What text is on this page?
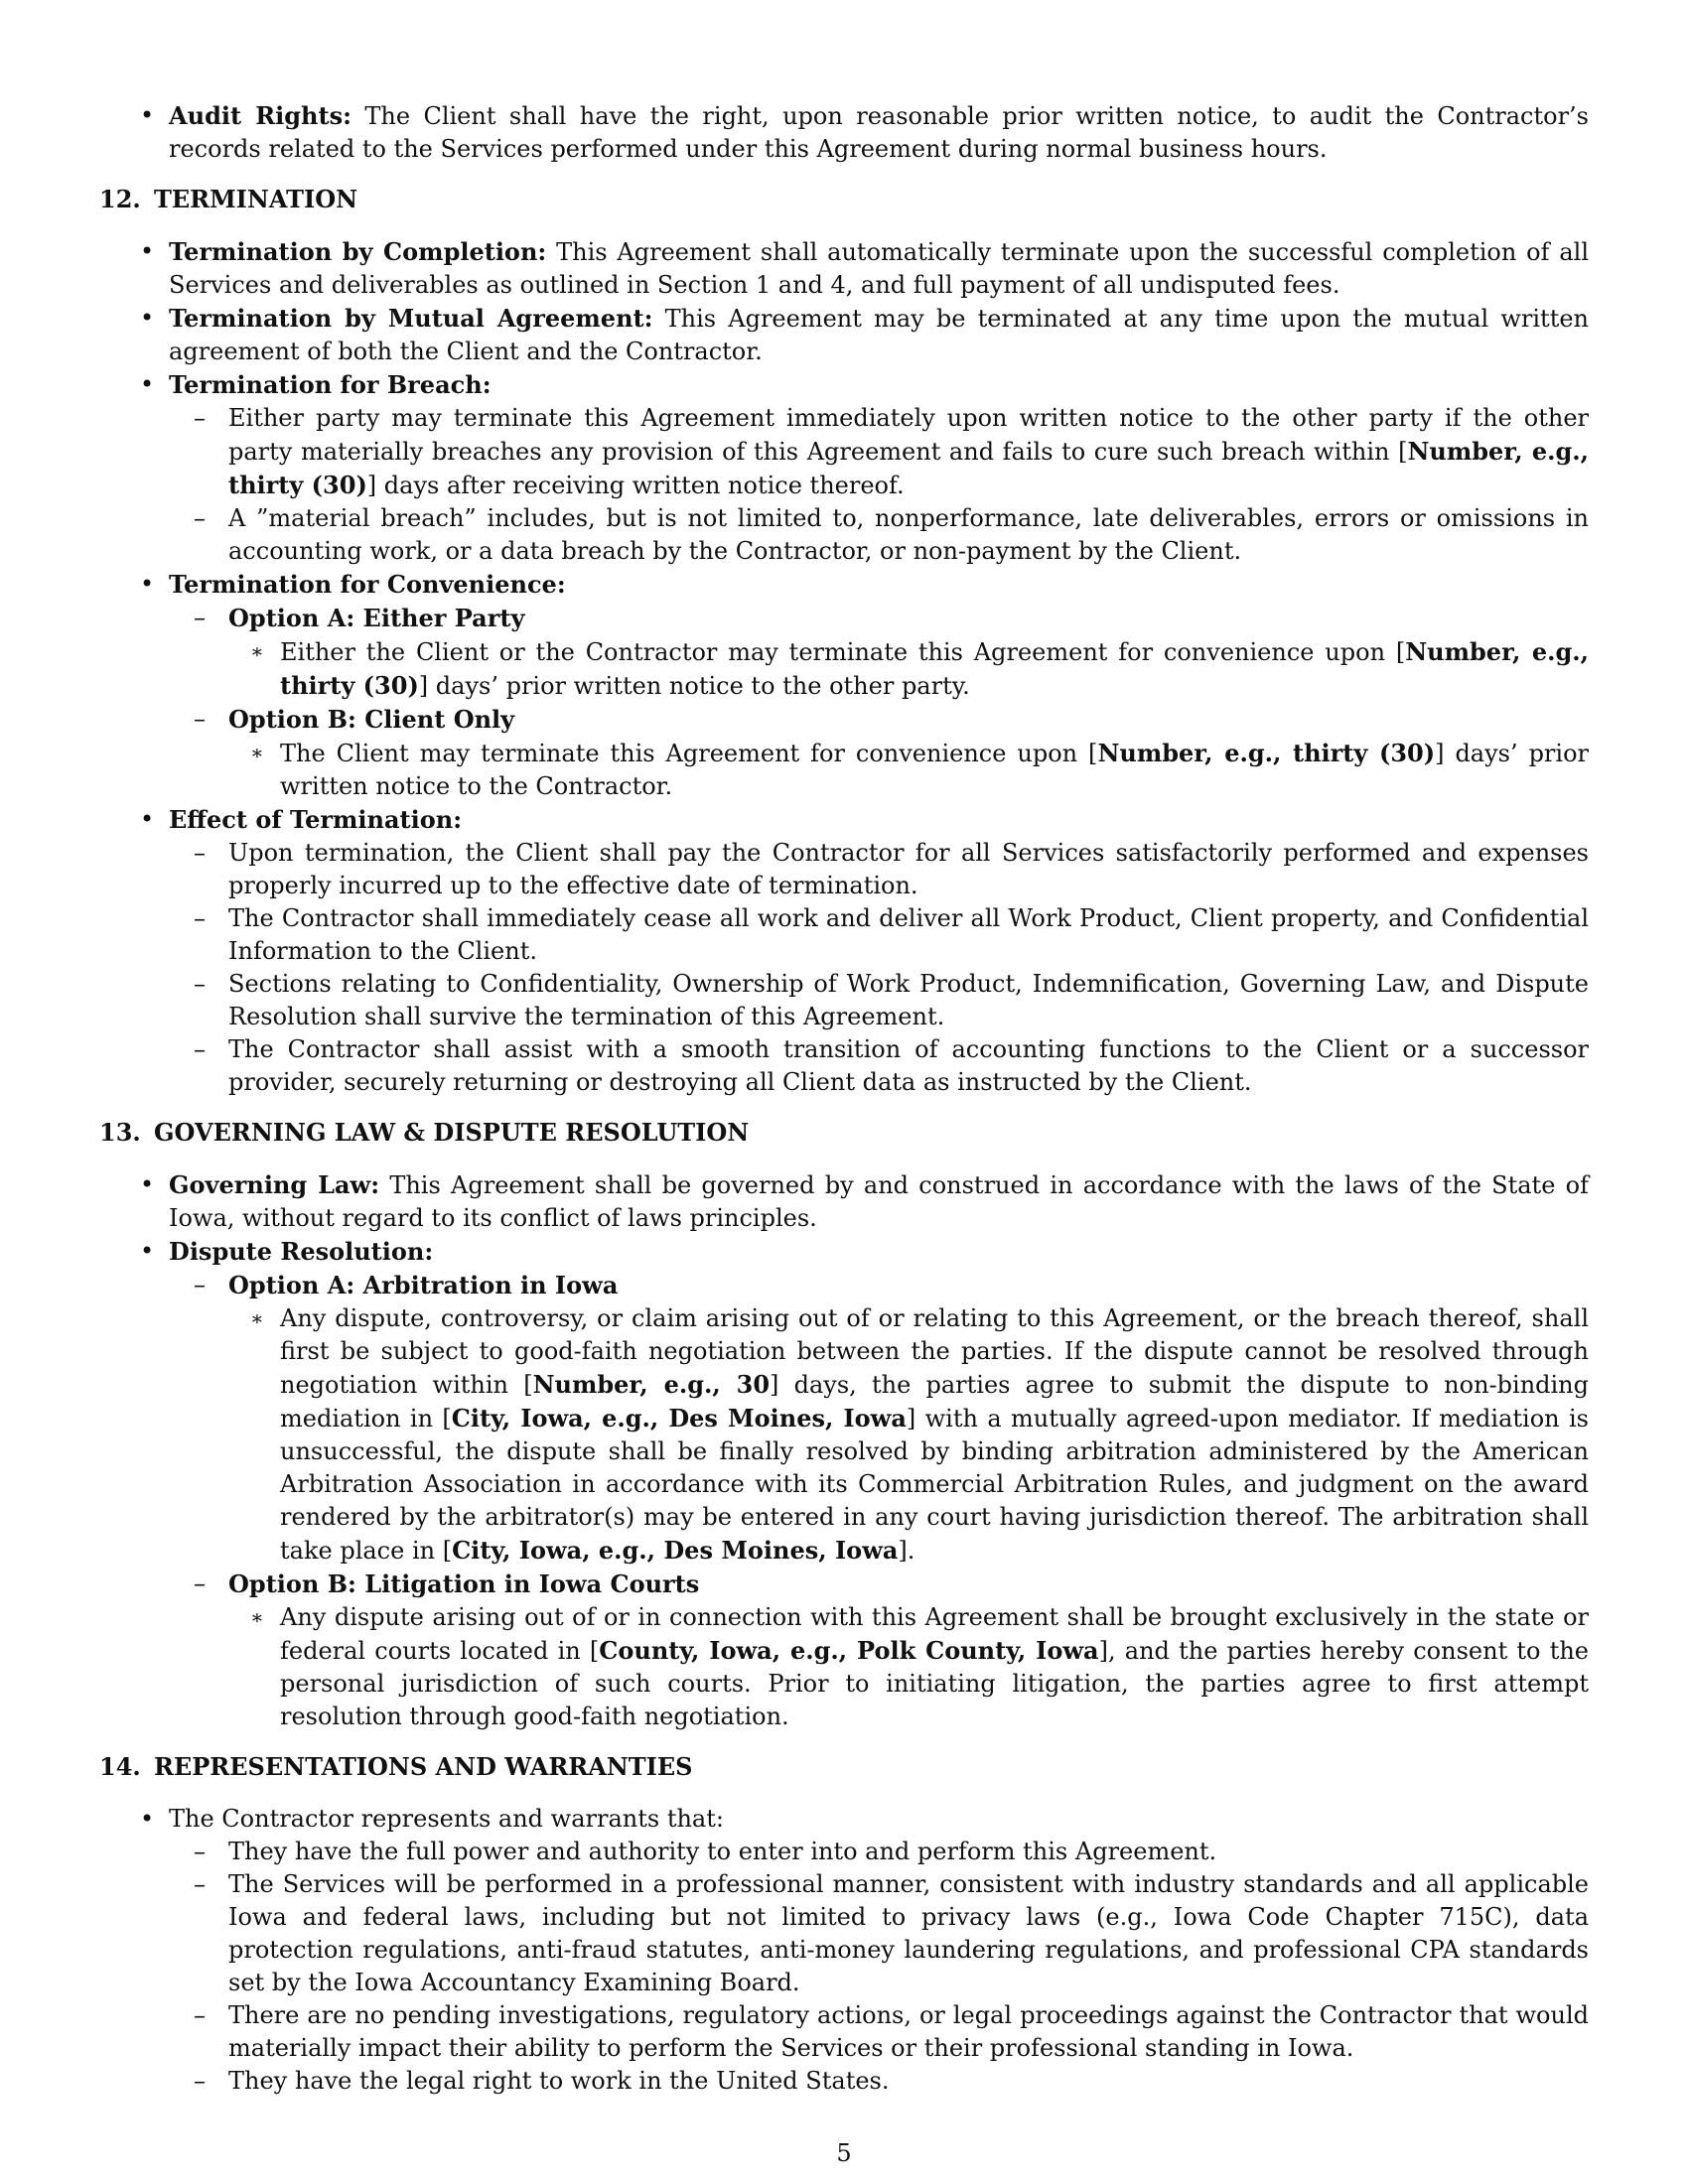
• Audit Rights: The Client shall have the right, upon reasonable prior written notice, to audit the Contractor’s records related to the Services performed under this Agreement during normal business hours.
12. TERMINATION
• Termination by Completion: This Agreement shall automatically terminate upon the successful completion of all Services and deliverables as outlined in Section 1 and 4, and full payment of all undisputed fees.
• Termination by Mutual Agreement: This Agreement may be terminated at any time upon the mutual written agreement of both the Client and the Contractor.
• Termination for Breach:
– Either party may terminate this Agreement immediately upon written notice to the other party if the other party materially breaches any provision of this Agreement and fails to cure such breach within [Number, e.g., thirty (30)] days after receiving written notice thereof.
– A ”material breach” includes, but is not limited to, nonperformance, late deliverables, errors or omissions in accounting work, or a data breach by the Contractor, or non-payment by the Client.
• Termination for Convenience:
– Option A: Either Party
∗ Either the Client or the Contractor may terminate this Agreement for convenience upon [Number, e.g., thirty (30)] days’ prior written notice to the other party.
– Option B: Client Only
∗ The Client may terminate this Agreement for convenience upon [Number, e.g., thirty (30)] days’ prior written notice to the Contractor.
• Effect of Termination:
– Upon termination, the Client shall pay the Contractor for all Services satisfactorily performed and expenses properly incurred up to the effective date of termination.
– The Contractor shall immediately cease all work and deliver all Work Product, Client property, and Confidential Information to the Client.
– Sections relating to Confidentiality, Ownership of Work Product, Indemnification, Governing Law, and Dispute Resolution shall survive the termination of this Agreement.
– The Contractor shall assist with a smooth transition of accounting functions to the Client or a successor provider, securely returning or destroying all Client data as instructed by the Client.
13. GOVERNING LAW & DISPUTE RESOLUTION
• Governing Law: This Agreement shall be governed by and construed in accordance with the laws of the State of Iowa, without regard to its conflict of laws principles.
• Dispute Resolution:
– Option A: Arbitration in Iowa
∗ Any dispute, controversy, or claim arising out of or relating to this Agreement, or the breach thereof, shall first be subject to good-faith negotiation between the parties. If the dispute cannot be resolved through negotiation within [Number, e.g., 30] days, the parties agree to submit the dispute to non-binding mediation in [City, Iowa, e.g., Des Moines, Iowa] with a mutually agreed-upon mediator. If mediation is unsuccessful, the dispute shall be finally resolved by binding arbitration administered by the American Arbitration Association in accordance with its Commercial Arbitration Rules, and judgment on the award rendered by the arbitrator(s) may be entered in any court having jurisdiction thereof. The arbitration shall take place in [City, Iowa, e.g., Des Moines, Iowa].
– Option B: Litigation in Iowa Courts
∗ Any dispute arising out of or in connection with this Agreement shall be brought exclusively in the state or federal courts located in [County, Iowa, e.g., Polk County, Iowa], and the parties hereby consent to the personal jurisdiction of such courts. Prior to initiating litigation, the parties agree to first attempt resolution through good-faith negotiation.
14. REPRESENTATIONS AND WARRANTIES
• The Contractor represents and warrants that:
– They have the full power and authority to enter into and perform this Agreement.
– The Services will be performed in a professional manner, consistent with industry standards and all applicable Iowa and federal laws, including but not limited to privacy laws (e.g., Iowa Code Chapter 715C), data protection regulations, anti-fraud statutes, anti-money laundering regulations, and professional CPA standards set by the Iowa Accountancy Examining Board.
– There are no pending investigations, regulatory actions, or legal proceedings against the Contractor that would materially impact their ability to perform the Services or their professional standing in Iowa.
– They have the legal right to work in the United States.
5
